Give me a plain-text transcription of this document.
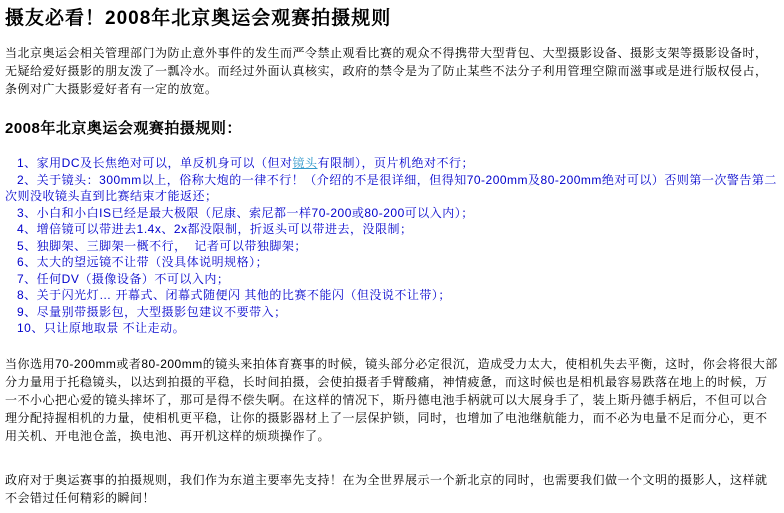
摄友必看！2008年北京奥运会观赛拍摄规则

当北京奥运会相关管理部门为防止意外事件的发生而严令禁止观看比赛的观众不得携带大型背包、大型摄影设备、摄影支架等摄影设备时，无疑给爱好摄影的朋友泼了一瓢冷水。而经过外面认真核实，政府的禁令是为了防止某些不法分子利用管理空隙而滋事或是进行版权侵占，条例对广大摄影爱好者有一定的放宽。

2008年北京奥运会观赛拍摄规则：
1、家用DC及长焦绝对可以，单反机身可以（但对镜头有限制），页片机绝对不行；
2、关于镜头：300mm以上，俗称大炮的一律不行！（介绍的不是很详细，但得知70-200mm及80-200mm绝对可以）否则第一次警告第二次则没收镜头直到比赛结束才能返还；
3、小白和小白IS已经是最大极限（尼康、索尼都一样70-200或80-200可以入内）；
4、增倍镜可以带进去1.4x、2x都没限制，折返头可以带进去，没限制；
5、独脚架、三脚架一概不行，  记者可以带独脚架；
6、太大的望远镜不让带（没具体说明规格）；
7、任何DV（摄像设备）不可以入内；
8、关于闪光灯… 开幕式、闭幕式随便闪 其他的比赛不能闪（但没说不让带）；
9、尽量别带摄影包，大型摄影包建议不要带入；
10、只让原地取景 不让走动。

当你选用70-200mm或者80-200mm的镜头来拍体育赛事的时候，镜头部分必定很沉，造成受力太大，使相机失去平衡，这时，你会将很大部分力量用于托稳镜头，以达到拍摄的平稳，长时间拍摄，会使拍摄者手臂酸痛，神情疲惫，而这时候也是相机最容易跌落在地上的时候，万一不小心把心爱的镜头摔坏了，那可是得不偿失啊。在这样的情况下，斯丹德电池手柄就可以大展身手了，装上斯丹德手柄后，不但可以合理分配持握相机的力量，使相机更平稳，让你的摄影器材上了一层保护锁，同时，也增加了电池继航能力，而不必为电量不足而分心，更不用关机、开电池仓盖，换电池、再开机这样的烦琐操作了。

政府对于奥运赛事的拍摄规则，我们作为东道主要率先支持！在为全世界展示一个新北京的同时，也需要我们做一个文明的摄影人，这样就不会错过任何精彩的瞬间！
